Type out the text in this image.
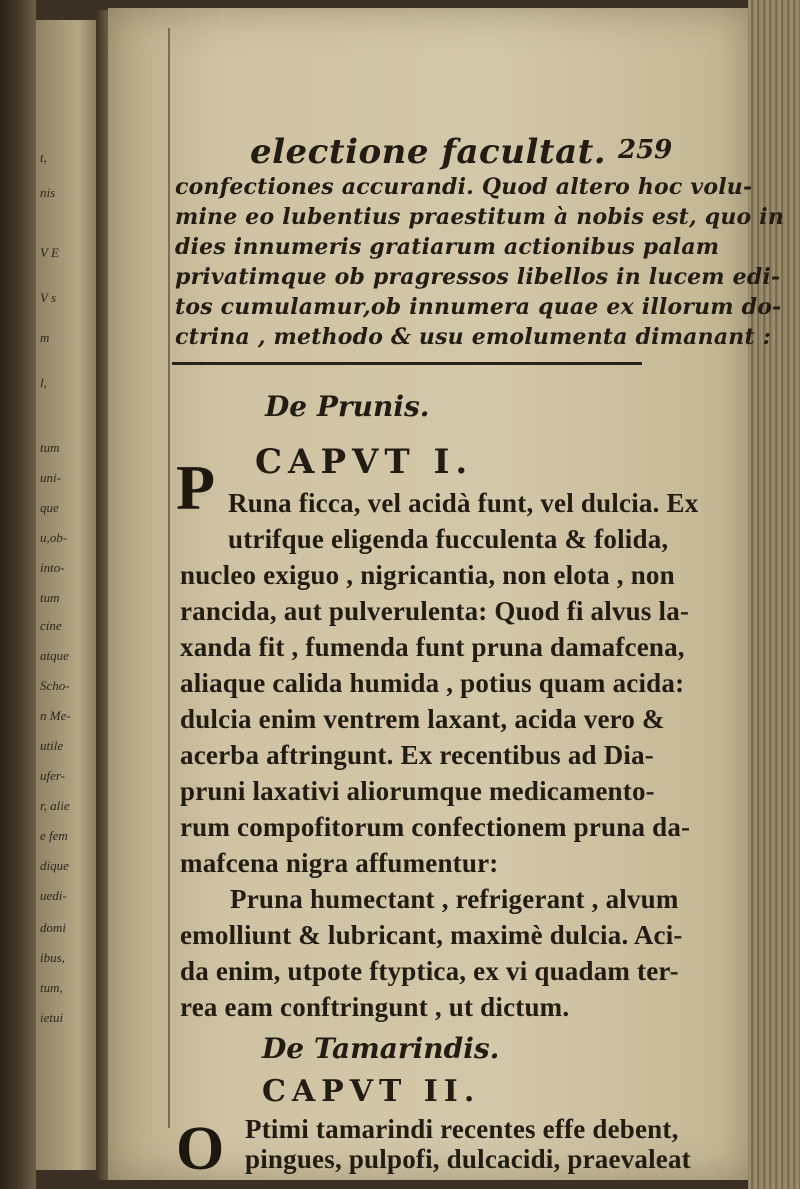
t,
nis
V E
V s
m
l,
tum
uni-
que
u,ob-
into-
tum
cine
atque
Scho-
n Me-
utile
ufer-
r, alie
e fem
dique
uedi-
domi
ibus,
tum,
ietui
electione facultat. 259
confectiones accurandi. Quod altero hoc volu-
mine eo lubentius praestitum à nobis est, quo in
dies innumeris gratiarum actionibus palam
privatimque ob pragressos libellos in lucem edi-
tos cumulamur,ob innumera quae ex illorum do-
ctrina , methodo & usu emolumenta dimanant :
De Prunis.
CAPVT I.
P Runa ficca, vel acidà funt, vel dulcia. Ex
utrifque eligenda fucculenta & folida,
nucleo exiguo , nigricantia, non elota , non
rancida, aut pulverulenta: Quod fi alvus la-
xanda fit , fumenda funt pruna damafcena,
aliaque calida humida , potius quam acida:
dulcia enim ventrem laxant, acida vero &
acerba aftringunt. Ex recentibus ad Dia-
pruni laxativi aliorumque medicamento-
rum compofitorum confectionem pruna da-
mafcena nigra affumentur:
Pruna humectant , refrigerant , alvum
emolliunt & lubricant, maximè dulcia. Aci-
da enim, utpote ftyptica, ex vi quadam ter-
rea eam conftringunt , ut dictum.
De Tamarindis.
CAPVT II.
O Ptimi tamarindi recentes effe debent,
pingues, pulpofi, dulcacidi, praevaleat
